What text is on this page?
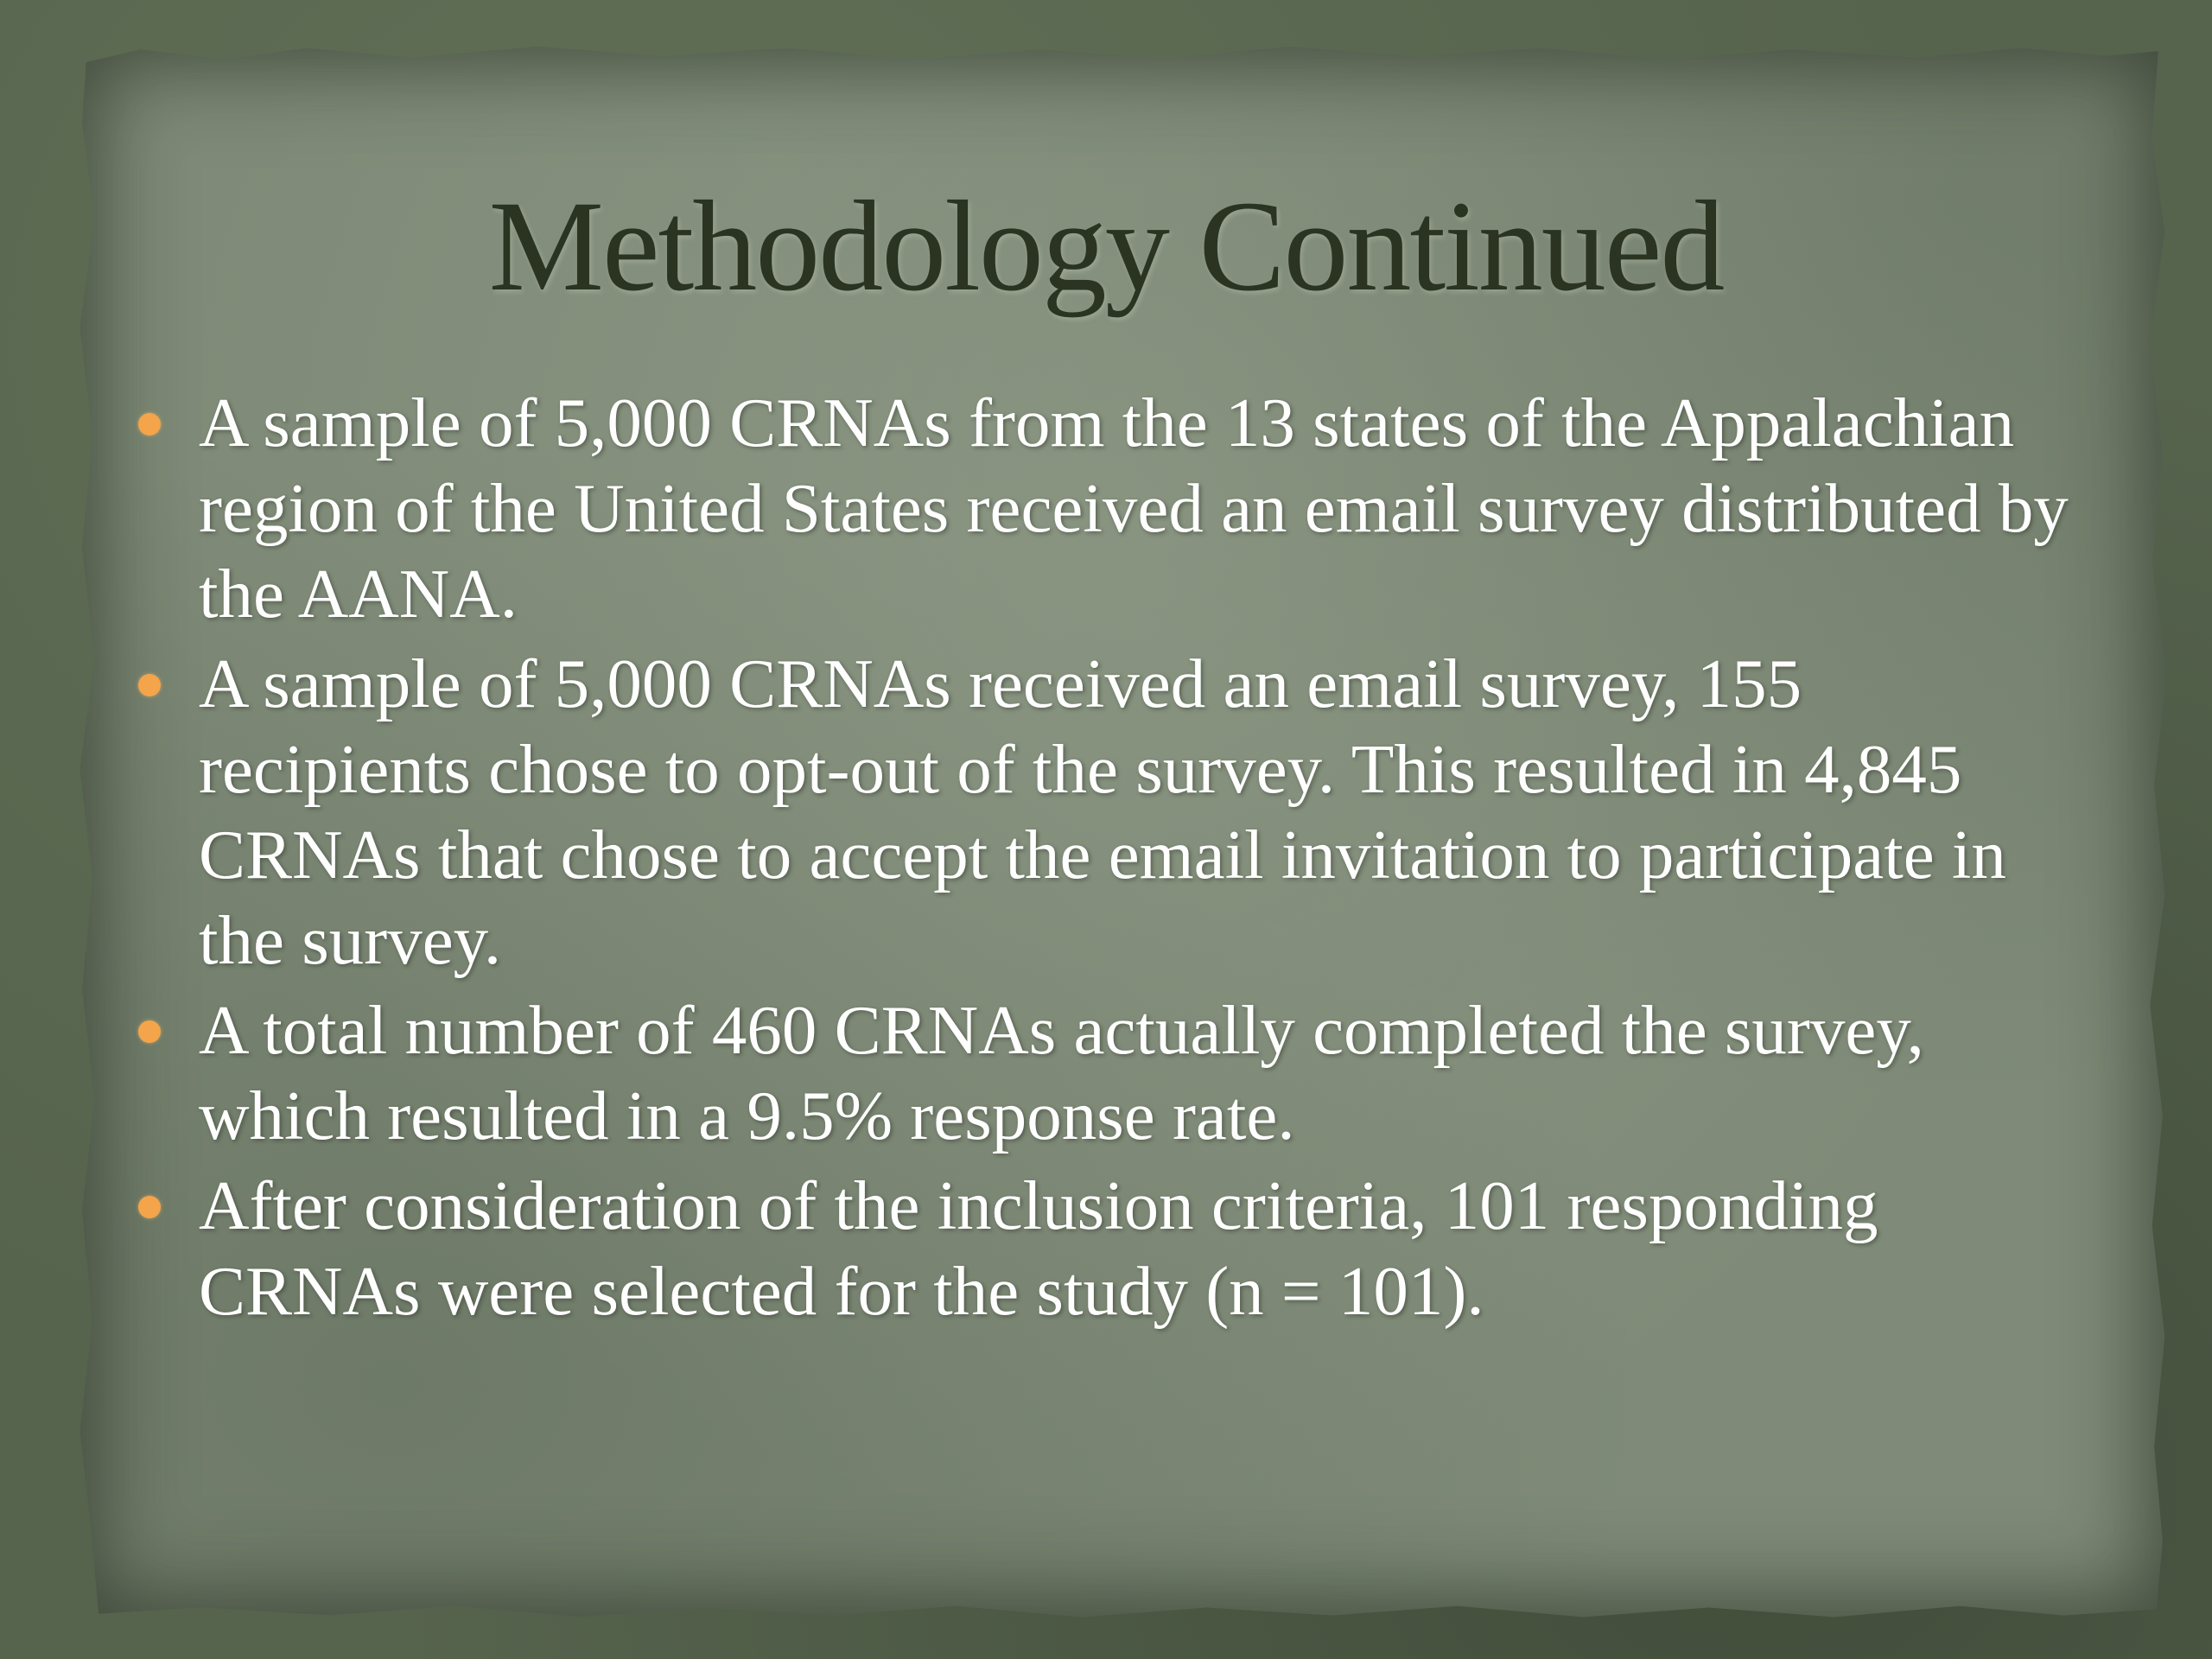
Methodology Continued
A sample of 5,000 CRNAs from the 13 states of the Appalachian region of the United States received an email survey distributed by the AANA.
A sample of 5,000 CRNAs received an email survey, 155 recipients chose to opt-out of the survey. This resulted in 4,845 CRNAs that chose to accept the email invitation to participate in the survey.
A total number of 460 CRNAs actually completed the survey, which resulted in a 9.5% response rate.
After consideration of the inclusion criteria, 101 responding CRNAs were selected for the study (n = 101).
